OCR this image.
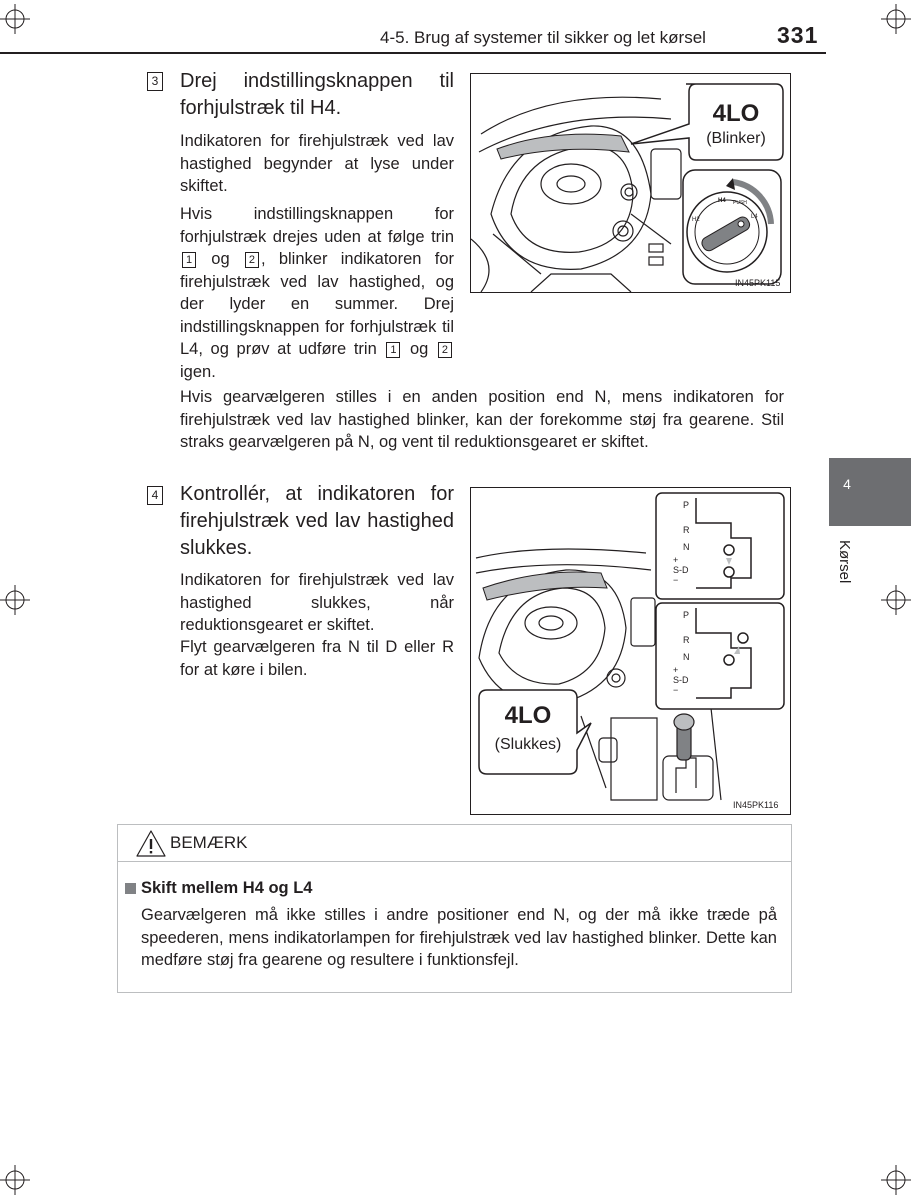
4-5. Brug af systemer til sikker og let kørsel	331
4
Kørsel
3 Drej indstillingsknappen til forhjulstræk til H4.
Indikatoren for firehjulstræk ved lav hastighed begynder at lyse under skiftet.
Hvis indstillingsknappen for forhjulstræk drejes uden at følge trin 1 og 2 , blinker indikatoren for firehjulstræk ved lav hastighed, og der lyder en summer. Drej indstillingsknappen for forhjulstræk til L4, og prøv at udføre trin 1 og 2 igen.
Hvis gearvælgeren stilles i en anden position end N, mens indikatoren for firehjulstræk ved lav hastighed blinker, kan der forekomme støj fra gearene. Stil straks gearvælgeren på N, og vent til reduktionsgearet er skiftet.
4LO
(Blinker)
H2
H4
L4
PUSH
IN45PK115
4 Kontrollér, at indikatoren for firehjulstræk ved lav hastighed slukkes.
Indikatoren for firehjulstræk ved lav hastighed slukkes, når reduktionsgearet er skiftet.
Flyt gearvælgeren fra N til D eller R for at køre i bilen.
4LO
(Slukkes)
P
R
N
+
S-D
−
P
R
N
+
S-D
−
IN45PK116
BEMÆRK
Skift mellem H4 og L4
Gearvælgeren må ikke stilles i andre positioner end N, og der må ikke træde på speederen, mens indikatorlampen for firehjulstræk ved lav hastighed blinker. Dette kan medføre støj fra gearene og resultere i funktionsfejl.
